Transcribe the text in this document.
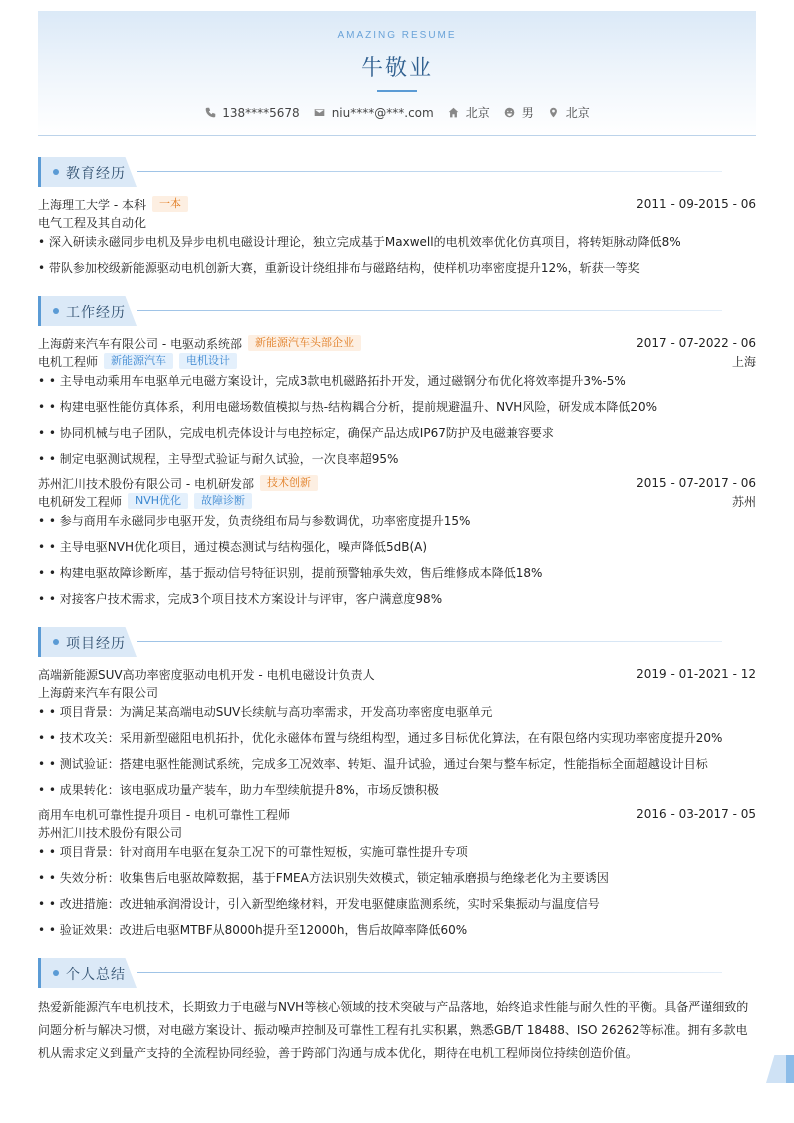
AMAZING RESUME
牛敬业
138****5678	niu****@***.com	北京	男	北京
教育经历
上海理工大学 - 本科	一本	2011 - 09-2015 - 06
电气工程及其自动化
• 深入研读永磁同步电机及异步电机电磁设计理论，独立完成基于Maxwell的电机效率优化仿真项目，将转矩脉动降低8%
• 带队参加校级新能源驱动电机创新大赛，重新设计绕组排布与磁路结构，使样机功率密度提升12%，斩获一等奖
工作经历
上海蔚来汽车有限公司 - 电驱动系统部	新能源汽车头部企业	2017 - 07-2022 - 06
电机工程师	新能源汽车	电机设计	上海
• • 主导电动乘用车电驱单元电磁方案设计，完成3款电机磁路拓扑开发，通过磁钢分布优化将效率提升3%-5%
• • 构建电驱性能仿真体系，利用电磁场数值模拟与热-结构耦合分析，提前规避温升、NVH风险，研发成本降低20%
• • 协同机械与电子团队，完成电机壳体设计与电控标定，确保产品达成IP67防护及电磁兼容要求
• • 制定电驱测试规程，主导型式验证与耐久试验，一次良率超95%
苏州汇川技术股份有限公司 - 电机研发部	技术创新	2015 - 07-2017 - 06
电机研发工程师	NVH优化	故障诊断	苏州
• • 参与商用车永磁同步电驱开发，负责绕组布局与参数调优，功率密度提升15%
• • 主导电驱NVH优化项目，通过模态测试与结构强化，噪声降低5dB(A)
• • 构建电驱故障诊断库，基于振动信号特征识别，提前预警轴承失效，售后维修成本降低18%
• • 对接客户技术需求，完成3个项目技术方案设计与评审，客户满意度98%
项目经历
高端新能源SUV高功率密度驱动电机开发 - 电机电磁设计负责人	2019 - 01-2021 - 12
上海蔚来汽车有限公司
• • 项目背景：为满足某高端电动SUV长续航与高功率需求，开发高功率密度电驱单元
• • 技术攻关：采用新型磁阻电机拓扑，优化永磁体布置与绕组构型，通过多目标优化算法，在有限包络内实现功率密度提升20%
• • 测试验证：搭建电驱性能测试系统，完成多工况效率、转矩、温升试验，通过台架与整车标定，性能指标全面超越设计目标
• • 成果转化：该电驱成功量产装车，助力车型续航提升8%，市场反馈积极
商用车电机可靠性提升项目 - 电机可靠性工程师	2016 - 03-2017 - 05
苏州汇川技术股份有限公司
• • 项目背景：针对商用车电驱在复杂工况下的可靠性短板，实施可靠性提升专项
• • 失效分析：收集售后电驱故障数据，基于FMEA方法识别失效模式，锁定轴承磨损与绝缘老化为主要诱因
• • 改进措施：改进轴承润滑设计，引入新型绝缘材料，开发电驱健康监测系统，实时采集振动与温度信号
• • 验证效果：改进后电驱MTBF从8000h提升至12000h，售后故障率降低60%
个人总结
热爱新能源汽车电机技术，长期致力于电磁与NVH等核心领域的技术突破与产品落地，始终追求性能与耐久性的平衡。具备严谨细致的问题分析与解决习惯，对电磁方案设计、振动噪声控制及可靠性工程有扎实积累，熟悉GB/T 18488、ISO 26262等标准。拥有多款电机从需求定义到量产支持的全流程协同经验，善于跨部门沟通与成本优化，期待在电机工程师岗位持续创造价值。
